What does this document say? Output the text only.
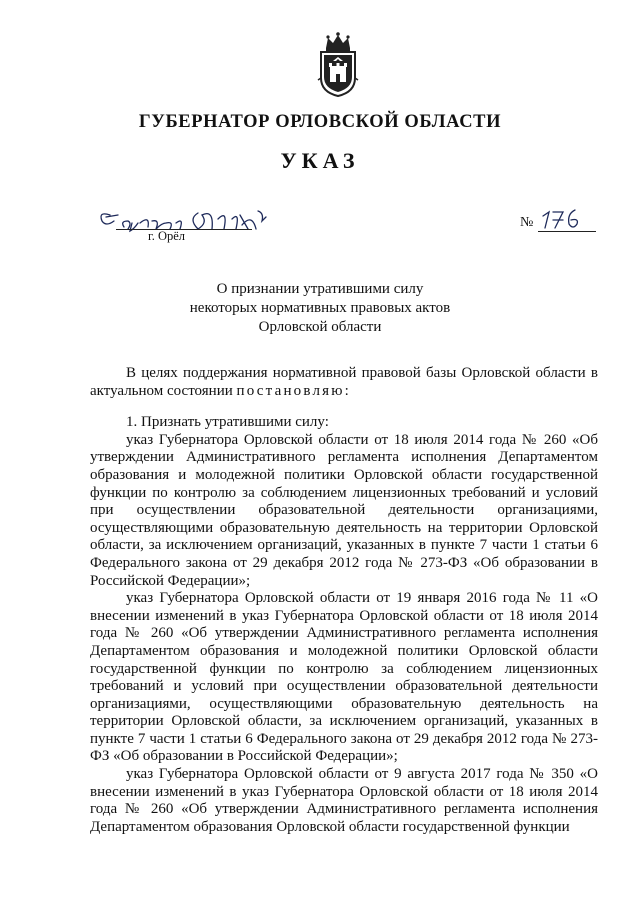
ГУБЕРНАТОР ОРЛОВСКОЙ ОБЛАСТИ
УКАЗ
г. Орёл
№
О признании утратившими силу
некоторых нормативных правовых актов
Орловской области

В целях поддержания нормативной правовой базы Орловской области в актуальном состоянии постановляю:

1. Признать утратившими силу:

указ Губернатора Орловской области от 18 июля 2014 года № 260 «Об утверждении Административного регламента исполнения Департаментом образования и молодежной политики Орловской области государственной функции по контролю за соблюдением лицензионных требований и условий при осуществлении образовательной деятельности организациями, осуществляющими образовательную деятельность на территории Орловской области, за исключением организаций, указанных в пункте 7 части 1 статьи 6 Федерального закона от 29 декабря 2012 года № 273-ФЗ «Об образовании в Российской Федерации»;

указ Губернатора Орловской области от 19 января 2016 года № 11 «О внесении изменений в указ Губернатора Орловской области от 18 июля 2014 года № 260 «Об утверждении Административного регламента исполнения Департаментом образования и молодежной политики Орловской области государственной функции по контролю за соблюдением лицензионных требований и условий при осуществлении образовательной деятельности организациями, осуществляющими образовательную деятельность на территории Орловской области, за исключением организаций, указанных в пункте 7 части 1 статьи 6 Федерального закона от 29 декабря 2012 года № 273-ФЗ «Об образовании в Российской Федерации»;

указ Губернатора Орловской области от 9 августа 2017 года № 350 «О внесении изменений в указ Губернатора Орловской области от 18 июля 2014 года № 260 «Об утверждении Административного регламента исполнения Департаментом образования Орловской области государственной функции
